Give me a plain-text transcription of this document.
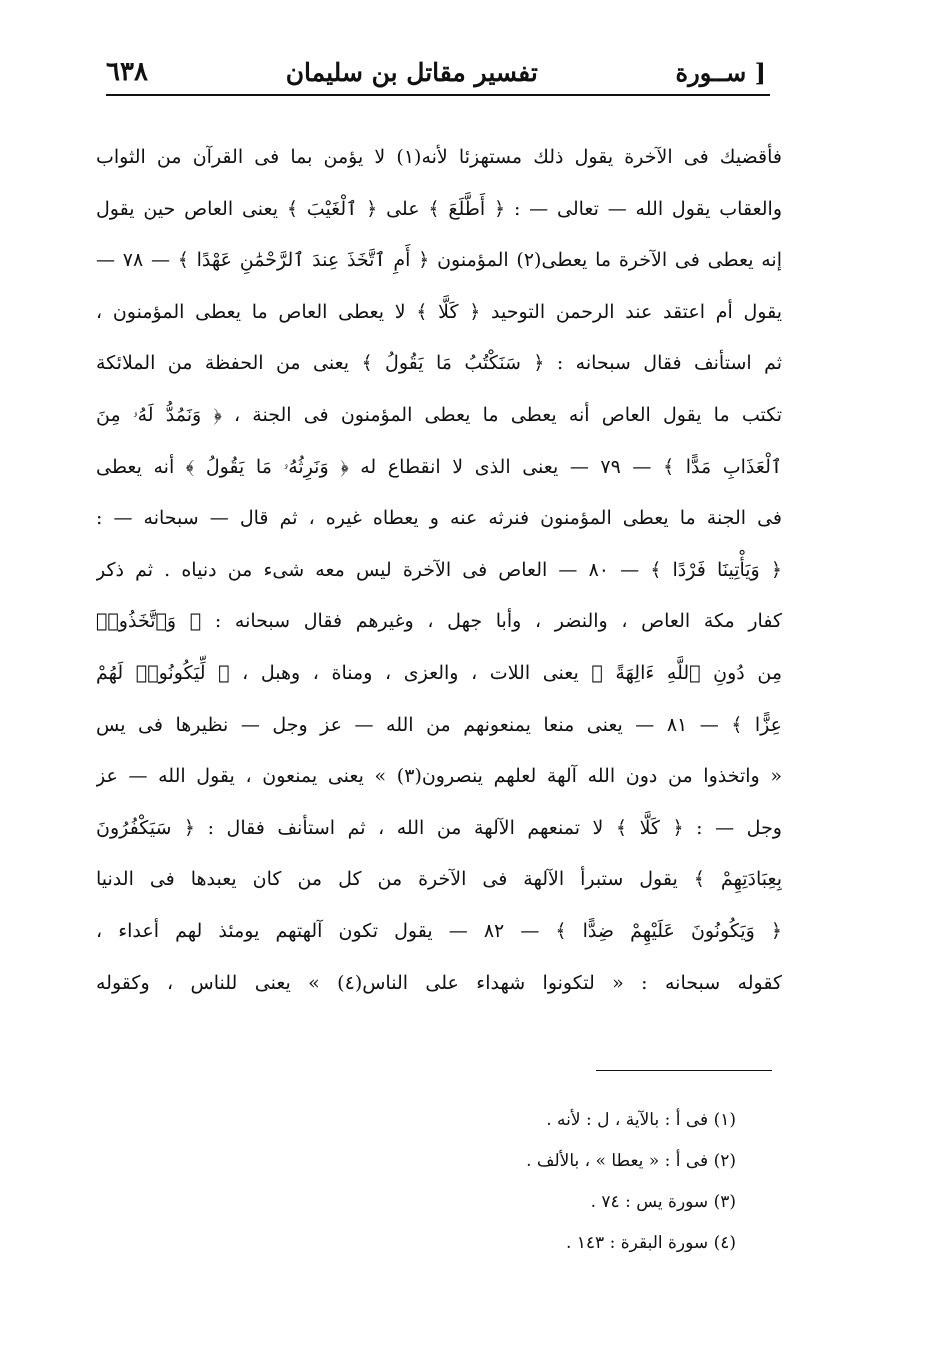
٦٣٨	تفسير مقاتل بن سليمان	[ ســورة
فأقضيك فى الآخرة يقول ذلك مستهزئا لأنه(١) لا يؤمن بما فى القرآن من الثواب
والعقاب يقول الله — تعالى — : ﴿ أَطَّلَعَ ﴾ على ﴿ ٱلْغَيْبَ ﴾ يعنى العاص حين يقول
إنه يعطى فى الآخرة ما يعطى(٢) المؤمنون ﴿ أَمِ ٱتَّخَذَ عِندَ ٱلرَّحْمَٰنِ عَهْدًا ﴾ — ٧٨ —
يقول أم اعتقد عند الرحمن التوحيد ﴿ كَلَّا ﴾ لا يعطى العاص ما يعطى المؤمنون ،
ثم استأنف فقال سبحانه : ﴿ سَنَكْتُبُ مَا يَقُولُ ﴾ يعنى من الحفظة من الملائكة
تكتب ما يقول العاص أنه يعطى ما يعطى المؤمنون فى الجنة ، ﴿ وَنَمُدُّ لَهُۥ مِنَ
ٱلْعَذَابِ مَدًّا ﴾ — ٧٩ — يعنى الذى لا انقطاع له ﴿ وَنَرِثُهُۥ مَا يَقُولُ ﴾ أنه يعطى
فى الجنة ما يعطى المؤمنون فنرثه عنه و يعطاه غيره ، ثم قال — سبحانه — :
﴿ وَيَأْتِينَا فَرْدًا ﴾ — ٨٠ — العاص فى الآخرة ليس معه شىء من دنياه . ثم ذكر
كفار مكة العاص ، والنضر ، وأبا جهل ، وغيرهم فقال سبحانه : ﴿ وَٱتَّخَذُوا۟
مِن دُونِ ٱللَّهِ ءَالِهَةً ﴾ يعنى اللات ، والعزى ، ومناة ، وهبل ، ﴿ لِّيَكُونُوا۟ لَهُمْ
عِزًّا ﴾ — ٨١ — يعنى منعا يمنعونهم من الله — عز وجل — نظيرها فى يس
« واتخذوا من دون الله آلهة لعلهم ينصرون(٣) » يعنى يمنعون ، يقول الله — عز
وجل — : ﴿ كَلَّا ﴾ لا تمنعهم الآلهة من الله ، ثم استأنف فقال : ﴿ سَيَكْفُرُونَ
بِعِبَادَتِهِمْ ﴾ يقول ستبرأ الآلهة فى الآخرة من كل من كان يعبدها فى الدنيا
﴿ وَيَكُونُونَ عَلَيْهِمْ ضِدًّا ﴾ — ٨٢ — يقول تكون آلهتهم يومئذ لهم أعداء ،
كقوله سبحانه : « لتكونوا شهداء على الناس(٤) » يعنى للناس ، وكقوله
(١) فى أ : بالآية ، ل : لأنه .
(٢) فى أ : « يعطا » ، بالألف .
(٣) سورة يس : ٧٤ .
(٤) سورة البقرة : ١٤٣ .
